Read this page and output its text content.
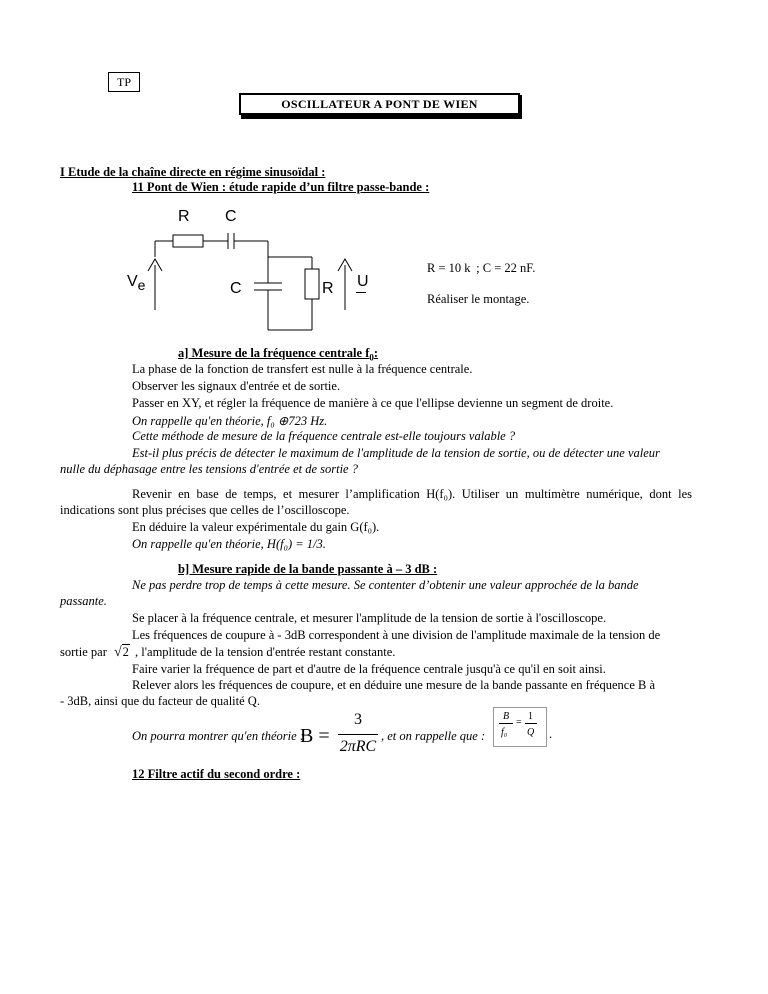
TP
OSCILLATEUR A PONT DE WIEN
I Etude de la chaîne directe en régime sinusoïdal :
11 Pont de Wien : étude rapide d’un filtre passe-bande :
R C
Ve	C	R U
R = 10 k  ; C = 22 nF.
Réaliser le montage.
a] Mesure de la fréquence centrale $f_0$:
La phase de la fonction de transfert est nulle à la fréquence centrale.
Observer les signaux d'entrée et de sortie.
Passer en XY, et régler la fréquence de manière à ce que l'ellipse devienne un segment de droite.
On rappelle qu'en théorie, f₀ ⊕723 Hz.
Cette méthode de mesure de la fréquence centrale est-elle toujours valable ?
Est-il plus précis de détecter le maximum de l'amplitude de la tension de sortie, ou de détecter une valeur
nulle du déphasage entre les tensions d'entrée et de sortie ?
Revenir en base de temps, et mesurer l’amplification H(f₀). Utiliser un multimètre numérique, dont les
indications sont plus précises que celles de l’oscilloscope.
En déduire la valeur expérimentale du gain G(f₀).
On rappelle qu'en théorie, H(f₀) = 1/3.
b] Mesure rapide de la bande passante à – 3 dB :
Ne pas perdre trop de temps à cette mesure. Se contenter d’obtenir une valeur approchée de la bande
passante.
Se placer à la fréquence centrale, et mesurer l'amplitude de la tension de sortie à l'oscilloscope.
Les fréquences de coupure à - 3dB correspondent à une division de l'amplitude maximale de la tension de
sortie par √2 , l'amplitude de la tension d'entrée restant constante.
Faire varier la fréquence de part et d'autre de la fréquence centrale jusqu'à ce qu'il en soit ainsi.
Relever alors les fréquences de coupure, et en déduire une mesure de la bande passante en fréquence B à
- 3dB, ainsi que du facteur de qualité Q.
On pourra montrer qu'en théorie :
B =
3
2πRC
, et on rappelle que :
B
f₀
=
1
Q .
12 Filtre actif du second ordre :
